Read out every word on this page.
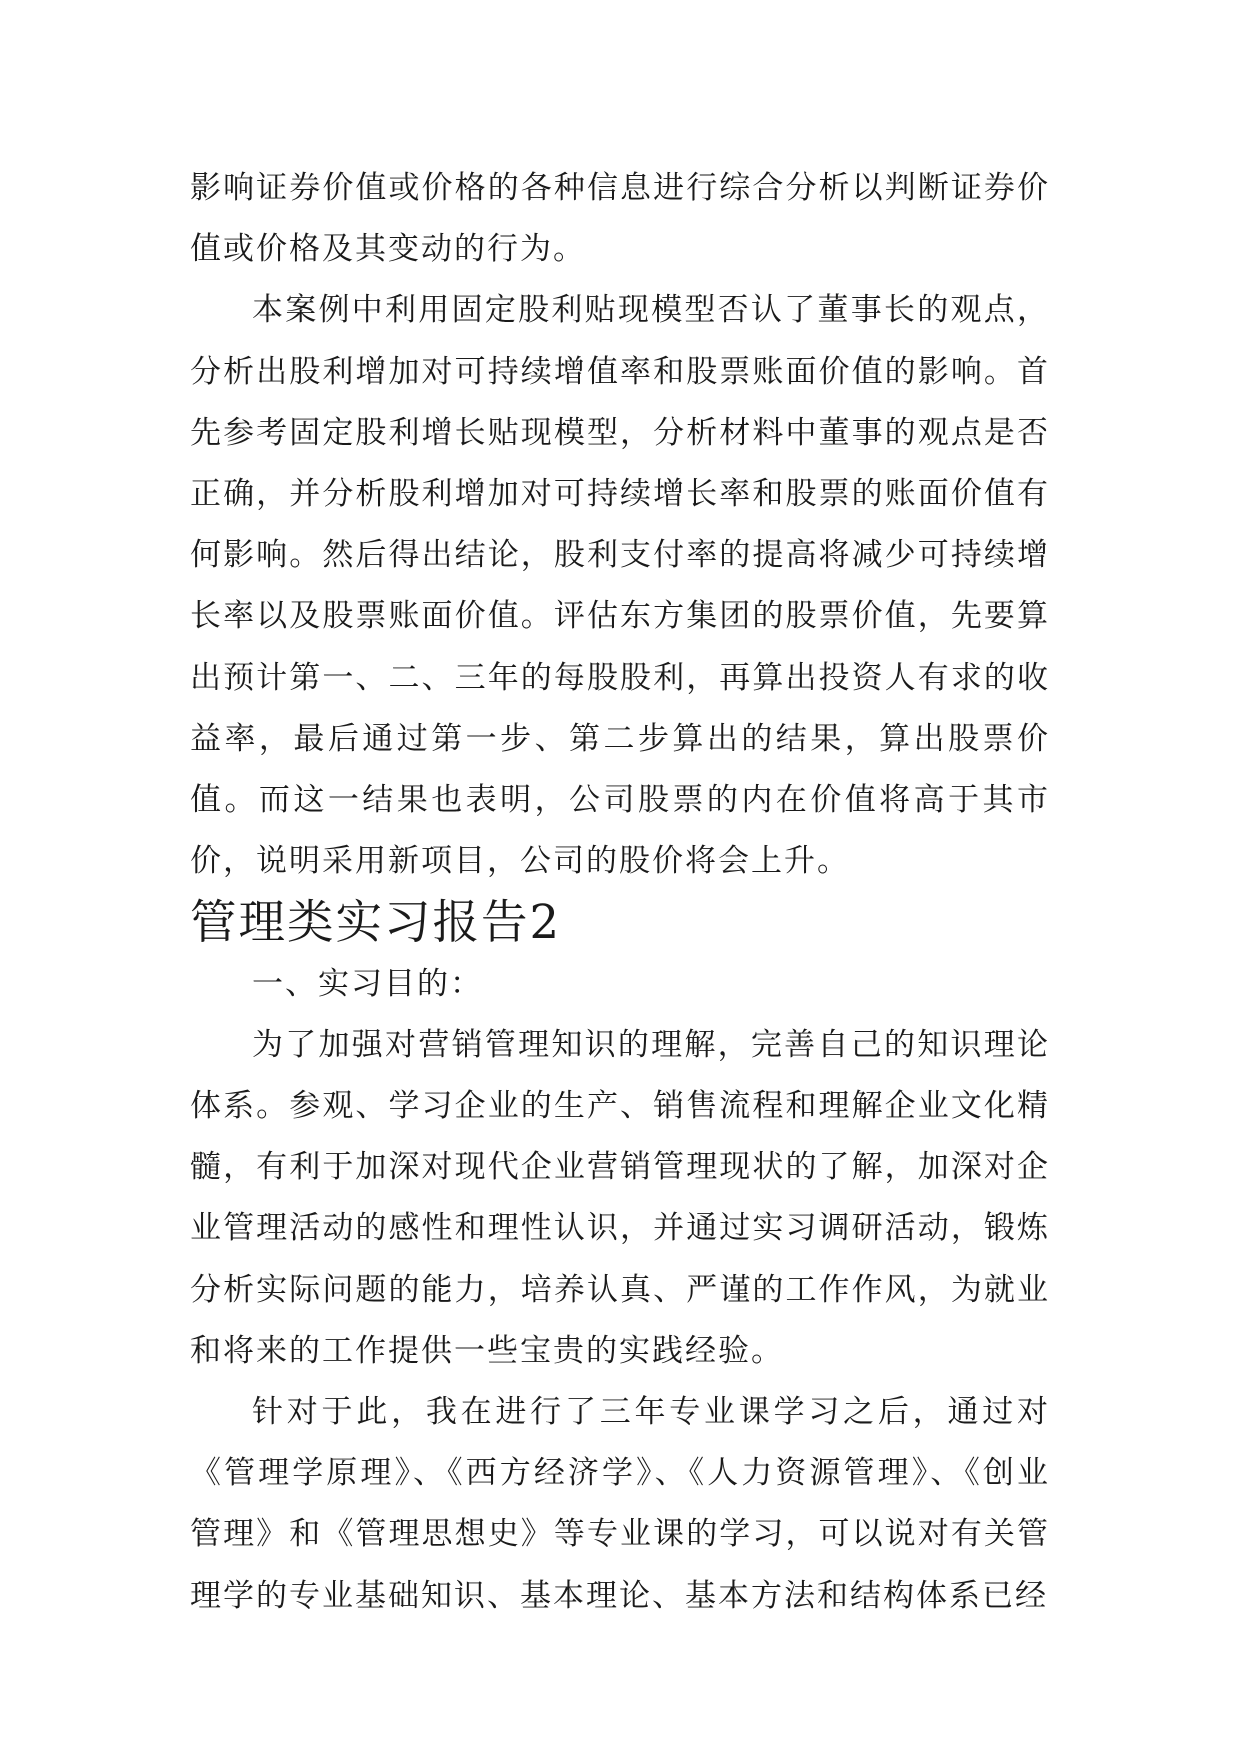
影响证券价值或价格的各种信息进行综合分析以判断证券价值或价格及其变动的行为。

本案例中利用固定股利贴现模型否认了董事长的观点，分析出股利增加对可持续增值率和股票账面价值的影响。首先参考固定股利增长贴现模型，分析材料中董事的观点是否正确，并分析股利增加对可持续增长率和股票的账面价值有何影响。然后得出结论，股利支付率的提高将减少可持续增长率以及股票账面价值。评估东方集团的股票价值，先要算出预计第一、二、三年的每股股利，再算出投资人有求的收益率，最后通过第一步、第二步算出的结果，算出股票价值。而这一结果也表明，公司股票的内在价值将高于其市价，说明采用新项目，公司的股价将会上升。

管理类实习报告2

一、实习目的：

为了加强对营销管理知识的理解，完善自己的知识理论体系。参观、学习企业的生产、销售流程和理解企业文化精髓，有利于加深对现代企业营销管理现状的了解，加深对企业管理活动的感性和理性认识，并通过实习调研活动，锻炼分析实际问题的能力，培养认真、严谨的工作作风，为就业和将来的工作提供一些宝贵的实践经验。

针对于此，我在进行了三年专业课学习之后，通过对《管理学原理》、《西方经济学》、《人力资源管理》、《创业管理》和《管理思想史》等专业课的学习，可以说对有关管理学的专业基础知识、基本理论、基本方法和结构体系已经
